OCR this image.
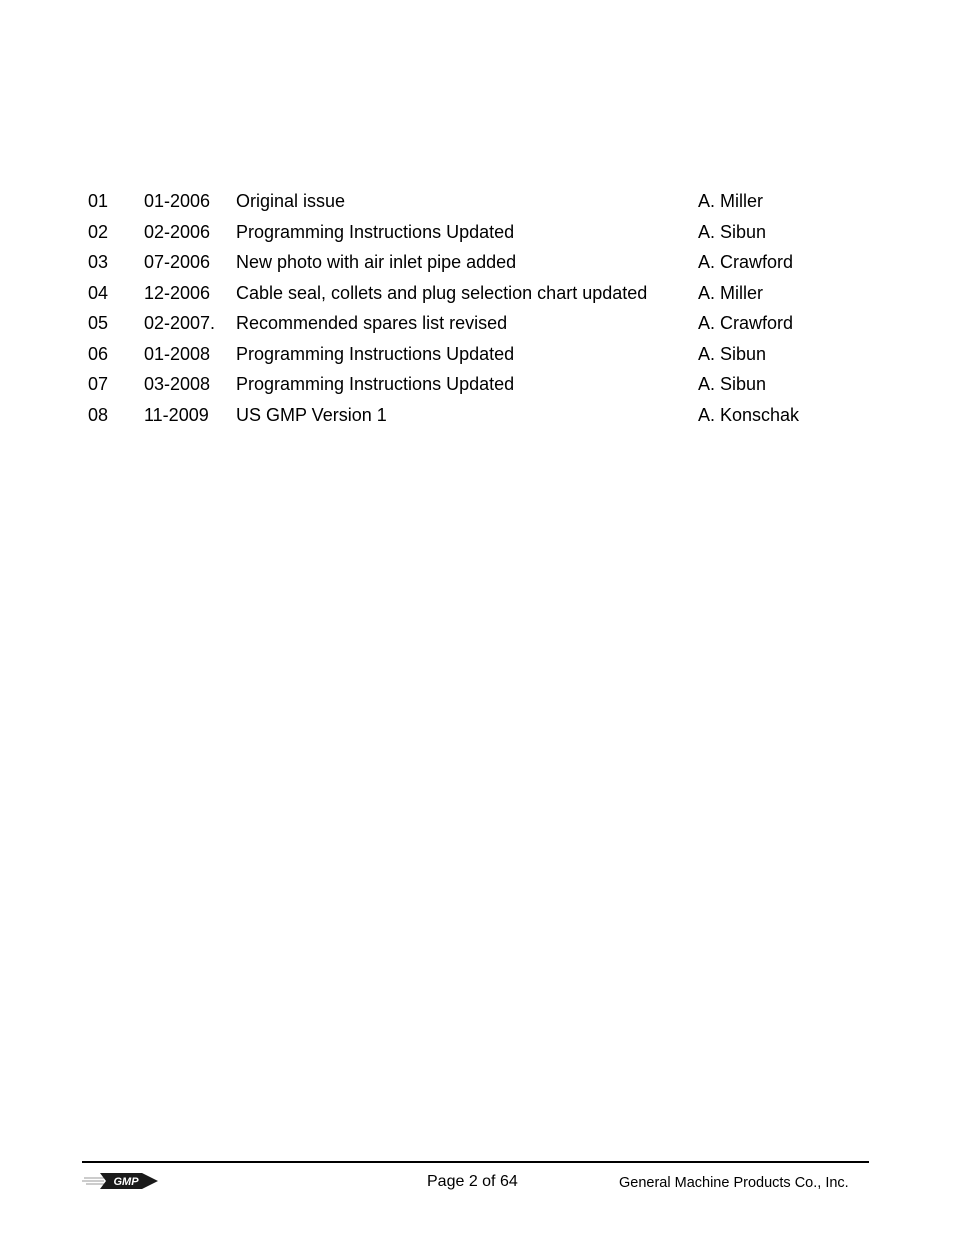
01 01-2006 Original issue	A. Miller
02 02-2006 Programming Instructions Updated	A. Sibun
03 07-2006 New photo with air inlet pipe added	A. Crawford
04 12-2006 Cable seal, collets and plug selection chart updated	A. Miller
05 02-2007. Recommended spares list revised	A. Crawford
06 01-2008 Programming Instructions Updated	A. Sibun
07 03-2008 Programming Instructions Updated	A. Sibun
08 11-2009 US GMP Version 1	A. Konschak
GMP	Page 2 of 64	General Machine Products Co., Inc.
